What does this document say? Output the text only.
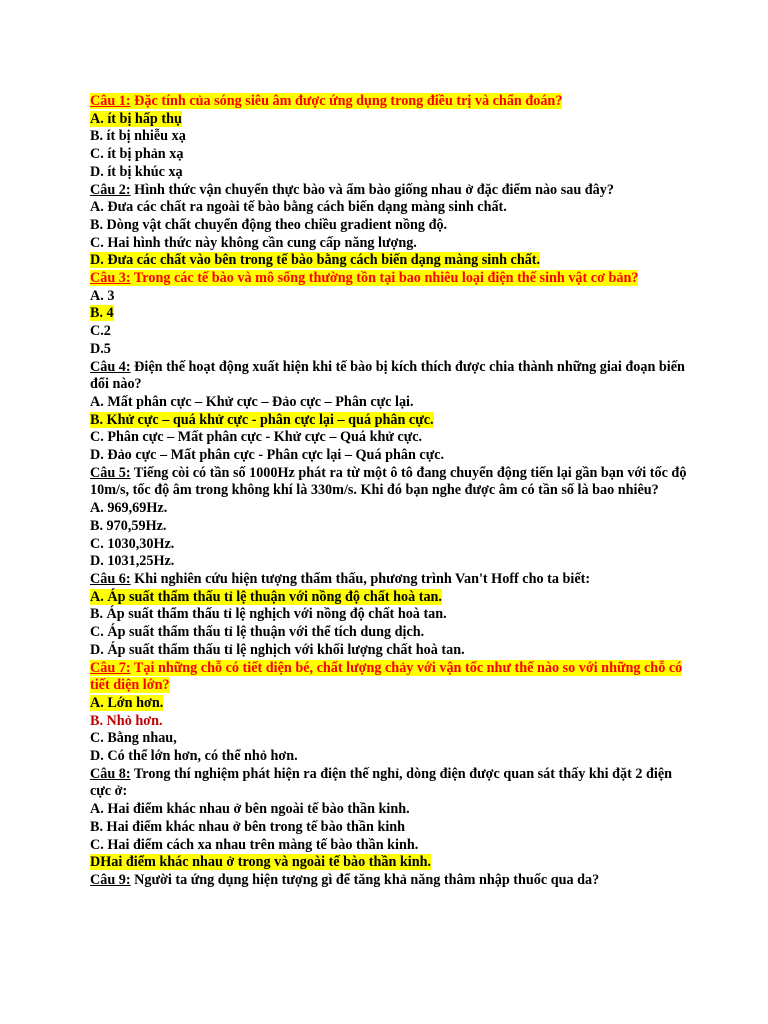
Câu 1: Đặc tính của sóng siêu âm được ứng dụng trong điều trị và chẩn đoán?
A. ít bị hấp thụ
B. ít bị nhiễu xạ
C. ít bị phản xạ
D. ít bị khúc xạ
Câu 2: Hình thức vận chuyển thực bào và ẩm bào giống nhau ở đặc điểm nào sau đây?
A. Đưa các chất ra ngoài tế bào bằng cách biến dạng màng sinh chất.
B. Dòng vật chất chuyển động theo chiều gradient nồng độ.
C. Hai hình thức này không cần cung cấp năng lượng.
D. Đưa các chất vào bên trong tế bào bằng cách biến dạng màng sinh chất.
Câu 3: Trong các tế bào và mô sống thường tồn tại bao nhiêu loại điện thế sinh vật cơ bản?
A. 3
B. 4
C.2
D.5
Câu 4: Điện thế hoạt động xuất hiện khi tế bào bị kích thích được chia thành những giai đoạn biến đổi nào?
A. Mất phân cực – Khử cực – Đảo cực – Phân cực lại.
B. Khử cực – quá khử cực - phân cực lại – quá phân cực.
C. Phân cực – Mất phân cực - Khử cực – Quá khử cực.
D. Đảo cực – Mất phân cực - Phân cực lại – Quá phân cực.
Câu 5: Tiếng còi có tần số 1000Hz phát ra từ một ô tô đang chuyển động tiến lại gần bạn với tốc độ 10m/s, tốc độ âm trong không khí là 330m/s. Khi đó bạn nghe được âm có tần số là bao nhiêu?
A. 969,69Hz.
B. 970,59Hz.
C. 1030,30Hz.
D. 1031,25Hz.
Câu 6: Khi nghiên cứu hiện tượng thẩm thấu, phương trình Van't Hoff cho ta biết:
A. Áp suất thẩm thấu tỉ lệ thuận với nồng độ chất hoà tan.
B. Áp suất thẩm thấu tỉ lệ nghịch với nồng độ chất hoà tan.
C. Áp suất thẩm thấu tỉ lệ thuận với thể tích dung dịch.
D. Áp suất thẩm thấu tỉ lệ nghịch với khối lượng chất hoà tan.
Câu 7: Tại những chỗ có tiết diện bé, chất lượng chảy với vận tốc như thế nào so với những chỗ có tiết diện lớn?
A. Lớn hơn.
B. Nhỏ hơn.
C. Bằng nhau,
D. Có thể lớn hơn, có thể nhỏ hơn.
Câu 8: Trong thí nghiệm phát hiện ra điện thế nghỉ, dòng điện được quan sát thấy khi đặt 2 điện cực ở:
A. Hai điểm khác nhau ở bên ngoài tế bào thần kinh.
B. Hai điểm khác nhau ở bên trong tế bào thần kinh
C. Hai điểm cách xa nhau trên màng tế bào thần kinh.
DHai điểm khác nhau ở trong và ngoài tế bào thần kinh.
Câu 9: Người ta ứng dụng hiện tượng gì để tăng khả năng thâm nhập thuốc qua da?
